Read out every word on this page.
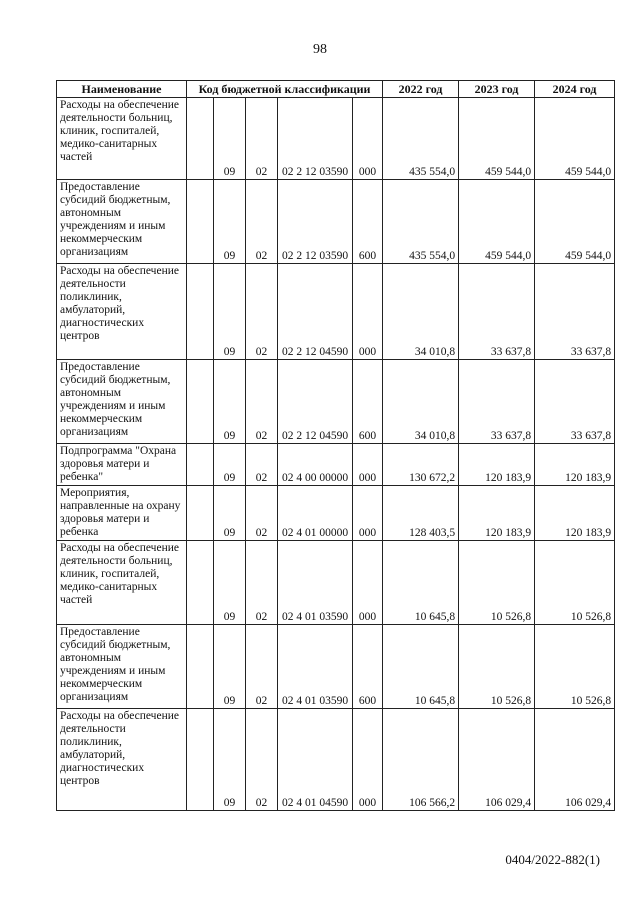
98
Наименование	Код бюджетной классификации					2022 год	2023 год	2024 год
Расходы на обеспечение деятельности больниц, клиник, госпиталей, медико-санитарных частей		09	02	02 2 12 03590	000	435 554,0	459 544,0	459 544,0
Предоставление субсидий бюджетным, автономным учреждениям и иным некоммерческим организациям		09	02	02 2 12 03590	600	435 554,0	459 544,0	459 544,0
Расходы на обеспечение деятельности поликлиник, амбулаторий, диагностических центров		09	02	02 2 12 04590	000	34 010,8	33 637,8	33 637,8
Предоставление субсидий бюджетным, автономным учреждениям и иным некоммерческим организациям		09	02	02 2 12 04590	600	34 010,8	33 637,8	33 637,8
Подпрограмма "Охрана здоровья матери и ребенка"		09	02	02 4 00 00000	000	130 672,2	120 183,9	120 183,9
Мероприятия, направленные на охрану здоровья матери и ребенка		09	02	02 4 01 00000	000	128 403,5	120 183,9	120 183,9
Расходы на обеспечение деятельности больниц, клиник, госпиталей, медико-санитарных частей		09	02	02 4 01 03590	000	10 645,8	10 526,8	10 526,8
Предоставление субсидий бюджетным, автономным учреждениям и иным некоммерческим организациям		09	02	02 4 01 03590	600	10 645,8	10 526,8	10 526,8
Расходы на обеспечение деятельности поликлиник, амбулаторий, диагностических центров		09	02	02 4 01 04590	000	106 566,2	106 029,4	106 029,4
0404/2022-882(1)
